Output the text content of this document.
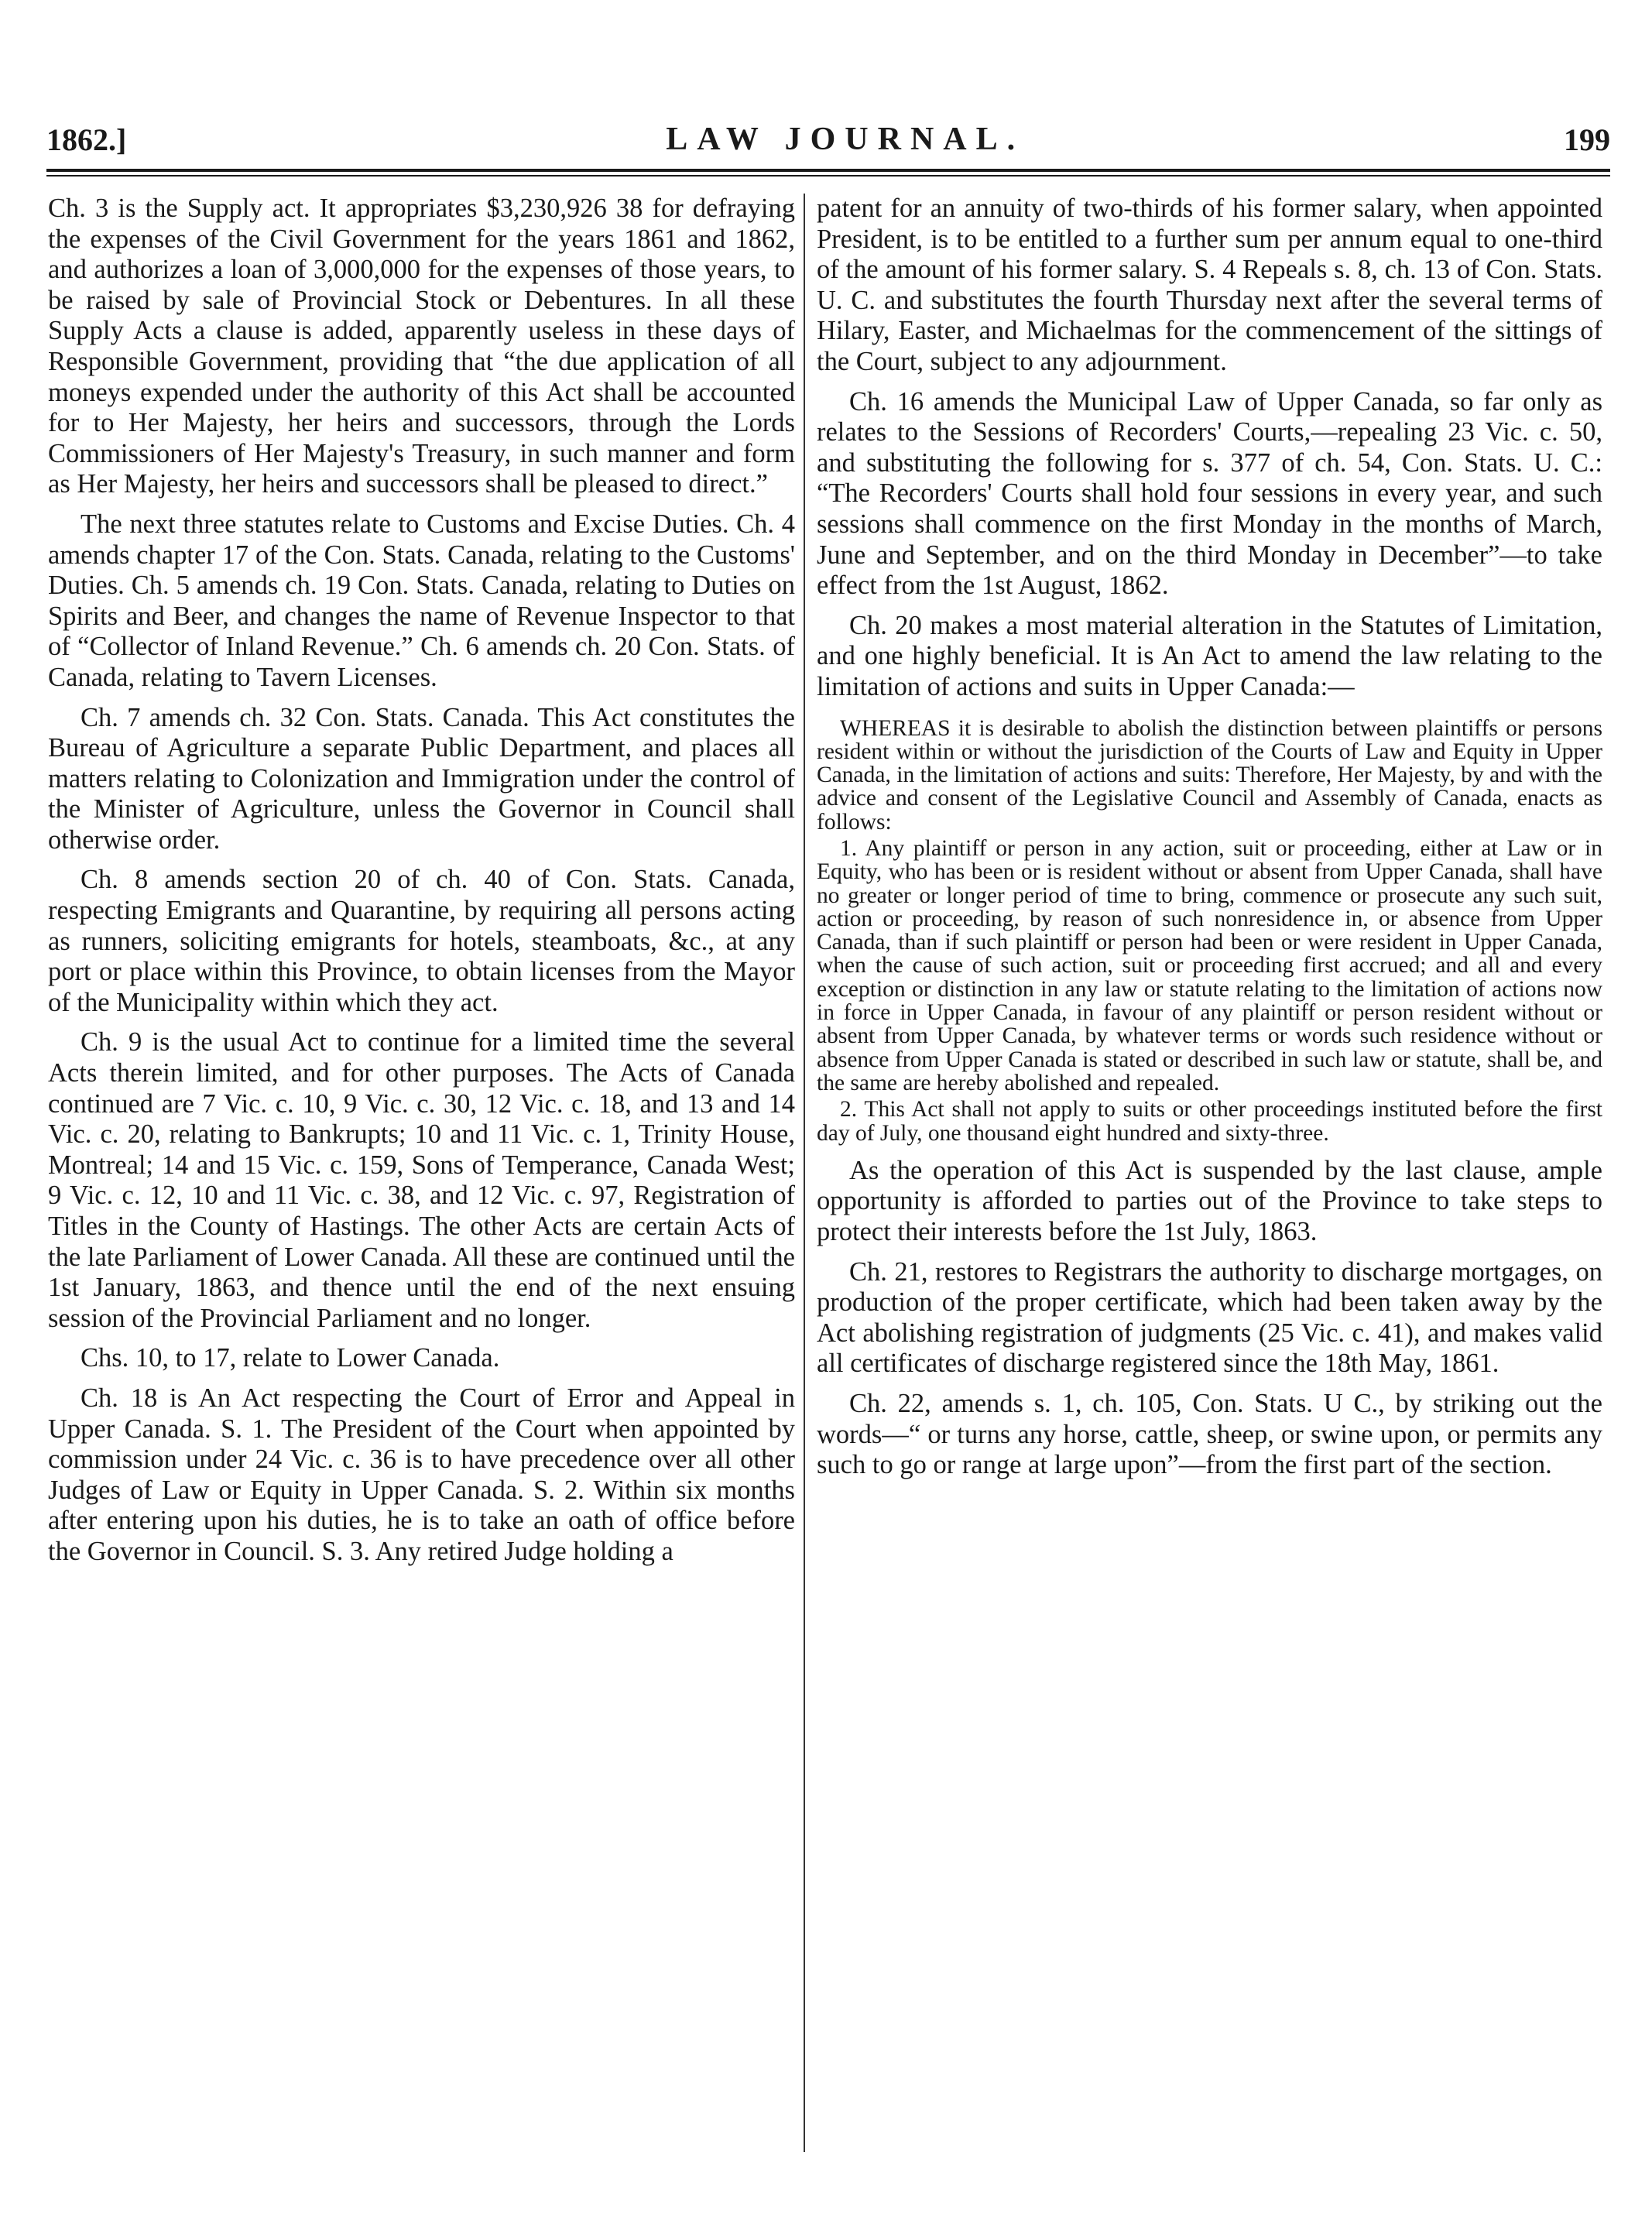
1862.]	LAW JOURNAL.	199

Ch. 3 is the Supply act. It appropriates $3,230,926 38 for defraying the expenses of the Civil Government for the years 1861 and 1862, and authorizes a loan of 3,000,000 for the expenses of those years, to be raised by sale of Provincial Stock or Debentures. In all these Supply Acts a clause is added, apparently useless in these days of Responsible Government, providing that “the due application of all moneys expended under the authority of this Act shall be accounted for to Her Majesty, her heirs and successors, through the Lords Commissioners of Her Majesty's Treasury, in such manner and form as Her Majesty, her heirs and successors shall be pleased to direct.”

The next three statutes relate to Customs and Excise Duties. Ch. 4 amends chapter 17 of the Con. Stats. Canada, relating to the Customs' Duties. Ch. 5 amends ch. 19 Con. Stats. Canada, relating to Duties on Spirits and Beer, and changes the name of Revenue Inspector to that of “Collector of Inland Revenue.” Ch. 6 amends ch. 20 Con. Stats. of Canada, relating to Tavern Licenses.

Ch. 7 amends ch. 32 Con. Stats. Canada. This Act constitutes the Bureau of Agriculture a separate Public Department, and places all matters relating to Colonization and Immigration under the control of the Minister of Agriculture, unless the Governor in Council shall otherwise order.

Ch. 8 amends section 20 of ch. 40 of Con. Stats. Canada, respecting Emigrants and Quarantine, by requiring all persons acting as runners, soliciting emigrants for hotels, steamboats, &c., at any port or place within this Province, to obtain licenses from the Mayor of the Municipality within which they act.

Ch. 9 is the usual Act to continue for a limited time the several Acts therein limited, and for other purposes. The Acts of Canada continued are 7 Vic. c. 10, 9 Vic. c. 30, 12 Vic. c. 18, and 13 and 14 Vic. c. 20, relating to Bankrupts; 10 and 11 Vic. c. 1, Trinity House, Montreal; 14 and 15 Vic. c. 159, Sons of Temperance, Canada West; 9 Vic. c. 12, 10 and 11 Vic. c. 38, and 12 Vic. c. 97, Registration of Titles in the County of Hastings. The other Acts are certain Acts of the late Parliament of Lower Canada. All these are continued until the 1st January, 1863, and thence until the end of the next ensuing session of the Provincial Parliament and no longer.

Chs. 10, to 17, relate to Lower Canada.

Ch. 18 is An Act respecting the Court of Error and Appeal in Upper Canada. S. 1. The President of the Court when appointed by commission under 24 Vic. c. 36 is to have precedence over all other Judges of Law or Equity in Upper Canada. S. 2. Within six months after entering upon his duties, he is to take an oath of office before the Governor in Council. S. 3. Any retired Judge holding a

patent for an annuity of two-thirds of his former salary, when appointed President, is to be entitled to a further sum per annum equal to one-third of the amount of his former salary. S. 4 Repeals s. 8, ch. 13 of Con. Stats. U. C. and substitutes the fourth Thursday next after the several terms of Hilary, Easter, and Michaelmas for the commencement of the sittings of the Court, subject to any adjournment.

Ch. 16 amends the Municipal Law of Upper Canada, so far only as relates to the Sessions of Recorders' Courts,—repealing 23 Vic. c. 50, and substituting the following for s. 377 of ch. 54, Con. Stats. U. C.: “The Recorders' Courts shall hold four sessions in every year, and such sessions shall commence on the first Monday in the months of March, June and September, and on the third Monday in December”—to take effect from the 1st August, 1862.

Ch. 20 makes a most material alteration in the Statutes of Limitation, and one highly beneficial. It is An Act to amend the law relating to the limitation of actions and suits in Upper Canada:—

WHEREAS it is desirable to abolish the distinction between plaintiffs or persons resident within or without the jurisdiction of the Courts of Law and Equity in Upper Canada, in the limitation of actions and suits: Therefore, Her Majesty, by and with the advice and consent of the Legislative Council and Assembly of Canada, enacts as follows:

1. Any plaintiff or person in any action, suit or proceeding, either at Law or in Equity, who has been or is resident without or absent from Upper Canada, shall have no greater or longer period of time to bring, commence or prosecute any such suit, action or proceeding, by reason of such nonresidence in, or absence from Upper Canada, than if such plaintiff or person had been or were resident in Upper Canada, when the cause of such action, suit or proceeding first accrued; and all and every exception or distinction in any law or statute relating to the limitation of actions now in force in Upper Canada, in favour of any plaintiff or person resident without or absent from Upper Canada, by whatever terms or words such residence without or absence from Upper Canada is stated or described in such law or statute, shall be, and the same are hereby abolished and repealed.

2. This Act shall not apply to suits or other proceedings instituted before the first day of July, one thousand eight hundred and sixty-three.

As the operation of this Act is suspended by the last clause, ample opportunity is afforded to parties out of the Province to take steps to protect their interests before the 1st July, 1863.

Ch. 21, restores to Registrars the authority to discharge mortgages, on production of the proper certificate, which had been taken away by the Act abolishing registration of judgments (25 Vic. c. 41), and makes valid all certificates of discharge registered since the 18th May, 1861.

Ch. 22, amends s. 1, ch. 105, Con. Stats. U C., by striking out the words—“ or turns any horse, cattle, sheep, or swine upon, or permits any such to go or range at large upon”—from the first part of the section.
